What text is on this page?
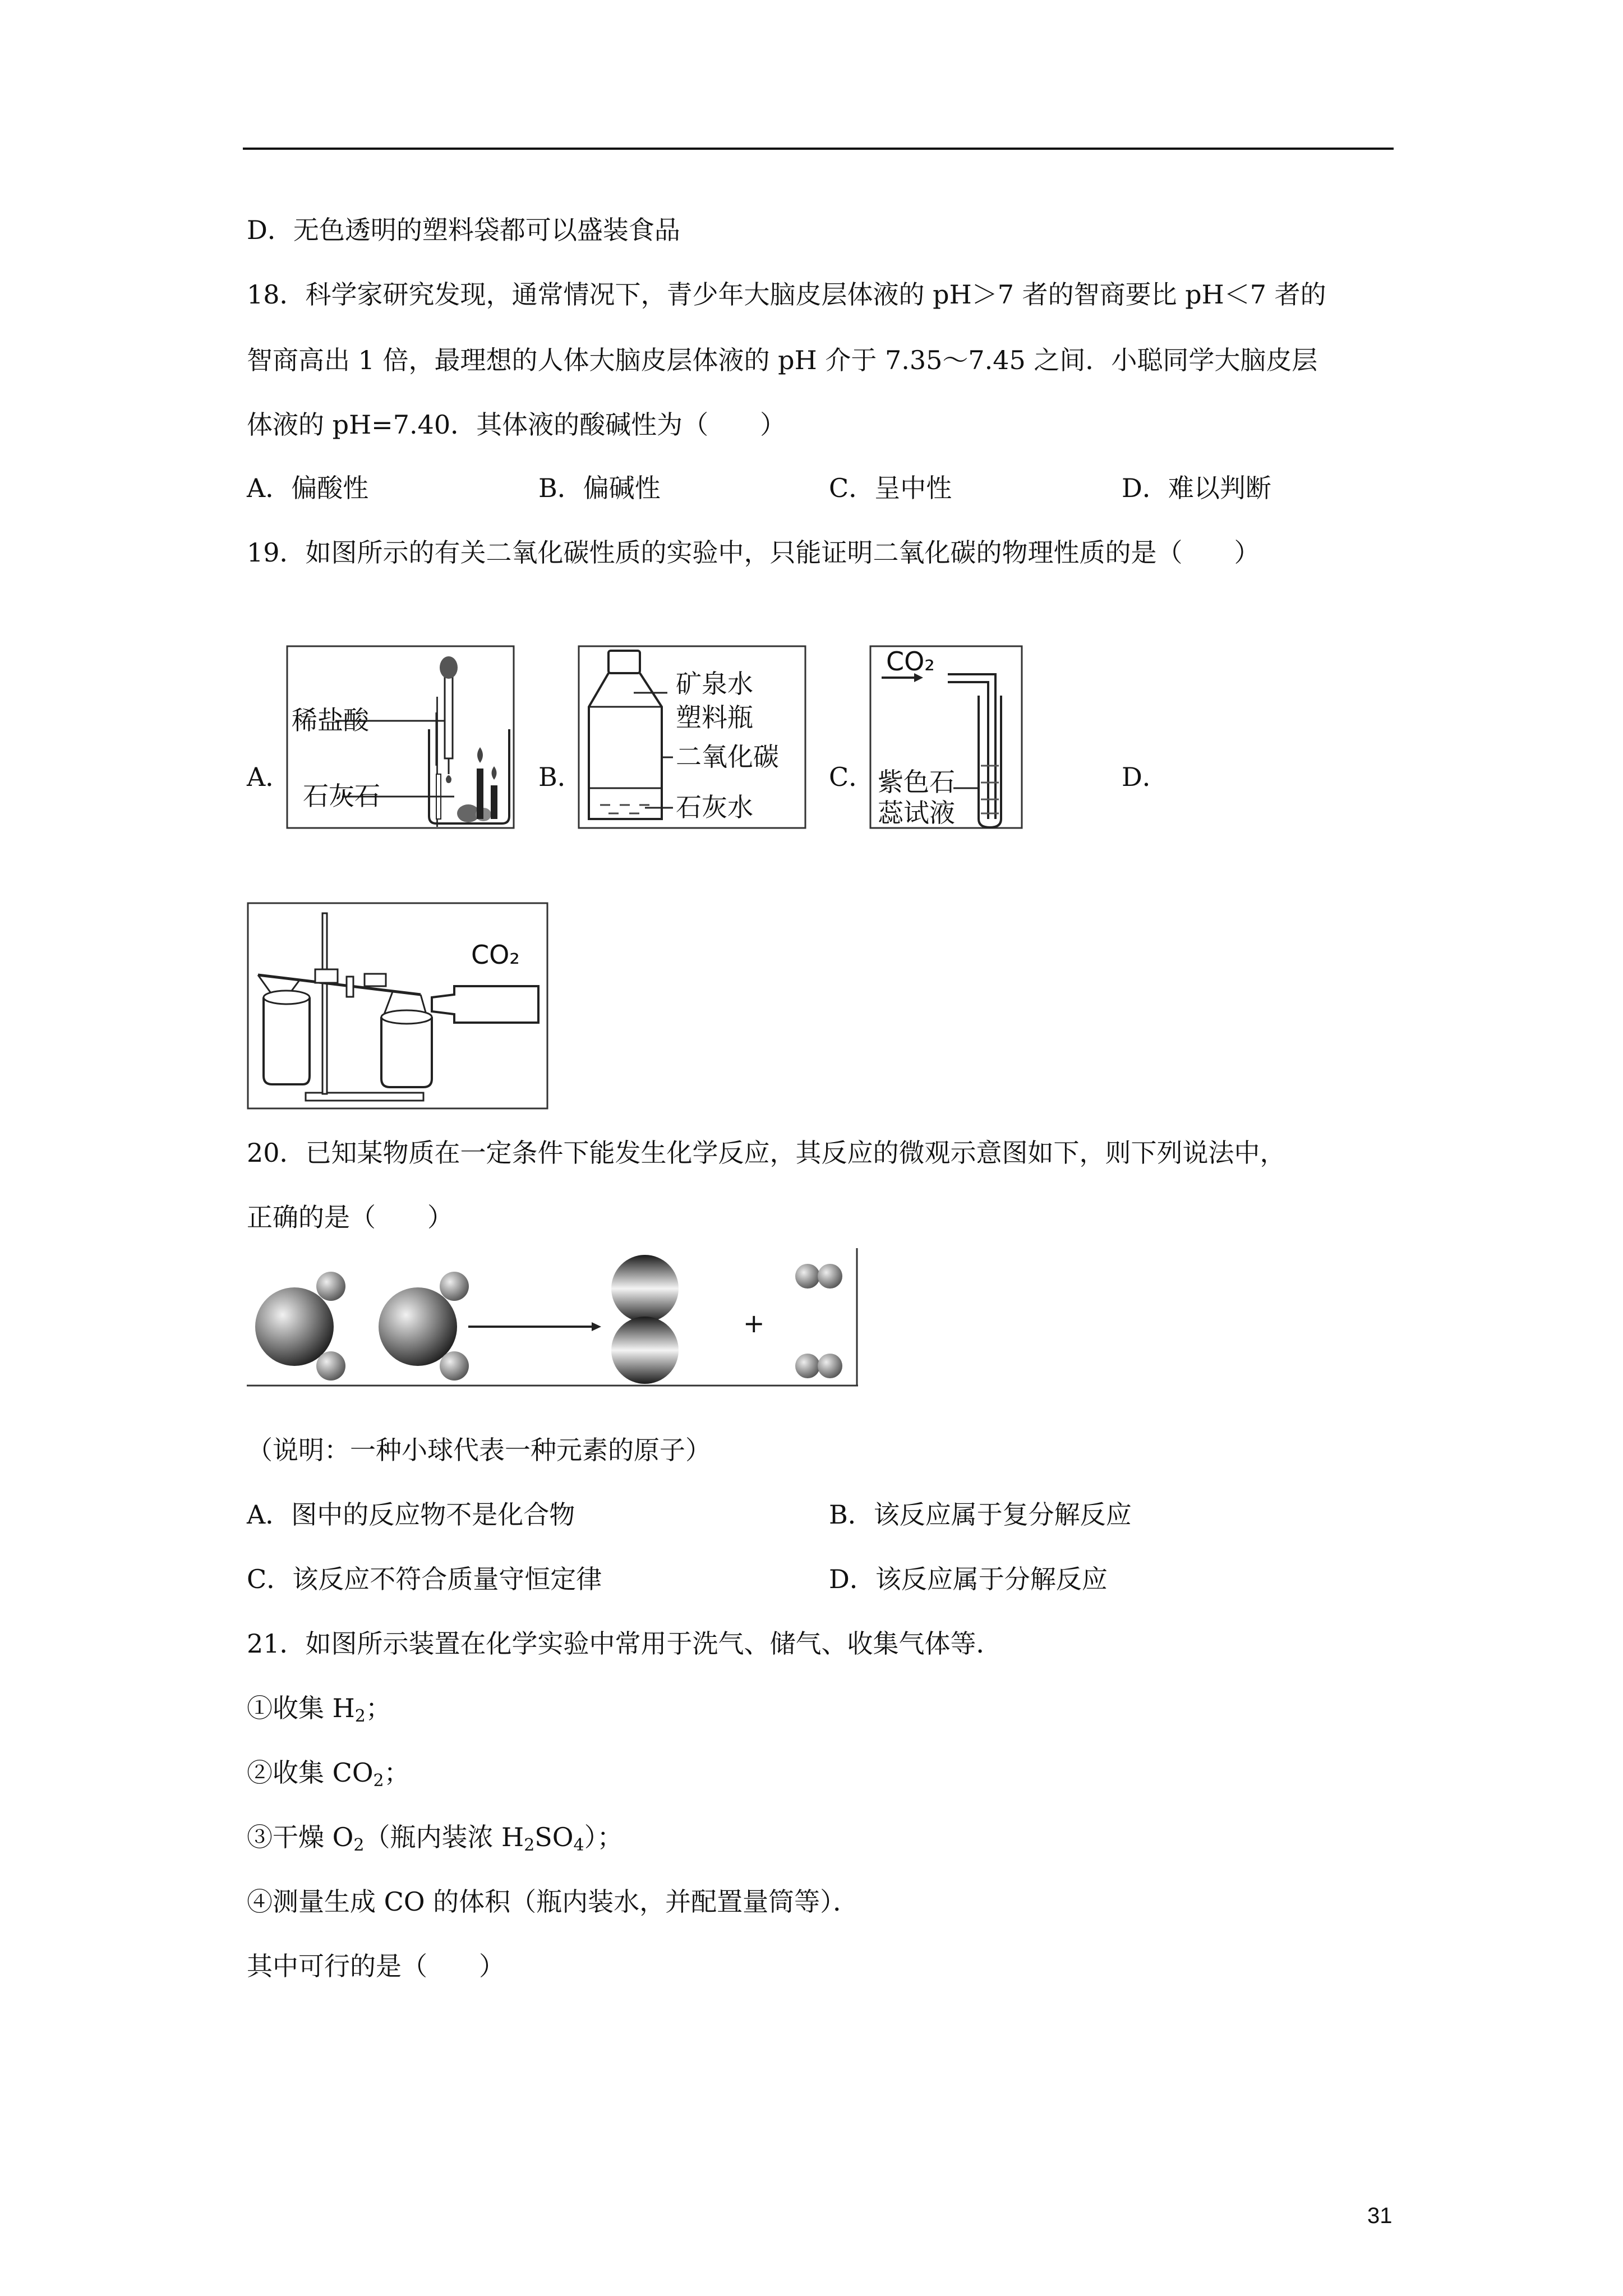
D．无色透明的塑料袋都可以盛装食品
18．科学家研究发现，通常情况下，青少年大脑皮层体液的 pH＞7 者的智商要比 pH＜7 者的
智商高出 1 倍，最理想的人体大脑皮层体液的 pH 介于 7.35～7.45 之间．小聪同学大脑皮层
体液的 pH=7.40．其体液的酸碱性为（　　）
A．偏酸性	B．偏碱性	C．呈中性	D．难以判断
19．如图所示的有关二氧化碳性质的实验中，只能证明二氧化碳的物理性质的是（　　）
A．	B．	C．	D．
稀盐酸
石灰石
矿泉水
塑料瓶
二氧化碳
石灰水
CO₂
紫色石
蕊试液
CO₂
20．已知某物质在一定条件下能发生化学反应，其反应的微观示意图如下，则下列说法中，
正确的是（　　）
+
（说明：一种小球代表一种元素的原子）
A．图中的反应物不是化合物	B．该反应属于复分解反应
C．该反应不符合质量守恒定律	D．该反应属于分解反应
21．如图所示装置在化学实验中常用于洗气、储气、收集气体等．
①收集 $H_2$；
②收集 $CO_2$；
③干燥 $O_2$（瓶内装浓 $H_2SO_4$）；
④测量生成 CO 的体积（瓶内装水，并配置量筒等）．
其中可行的是（　　）
31
